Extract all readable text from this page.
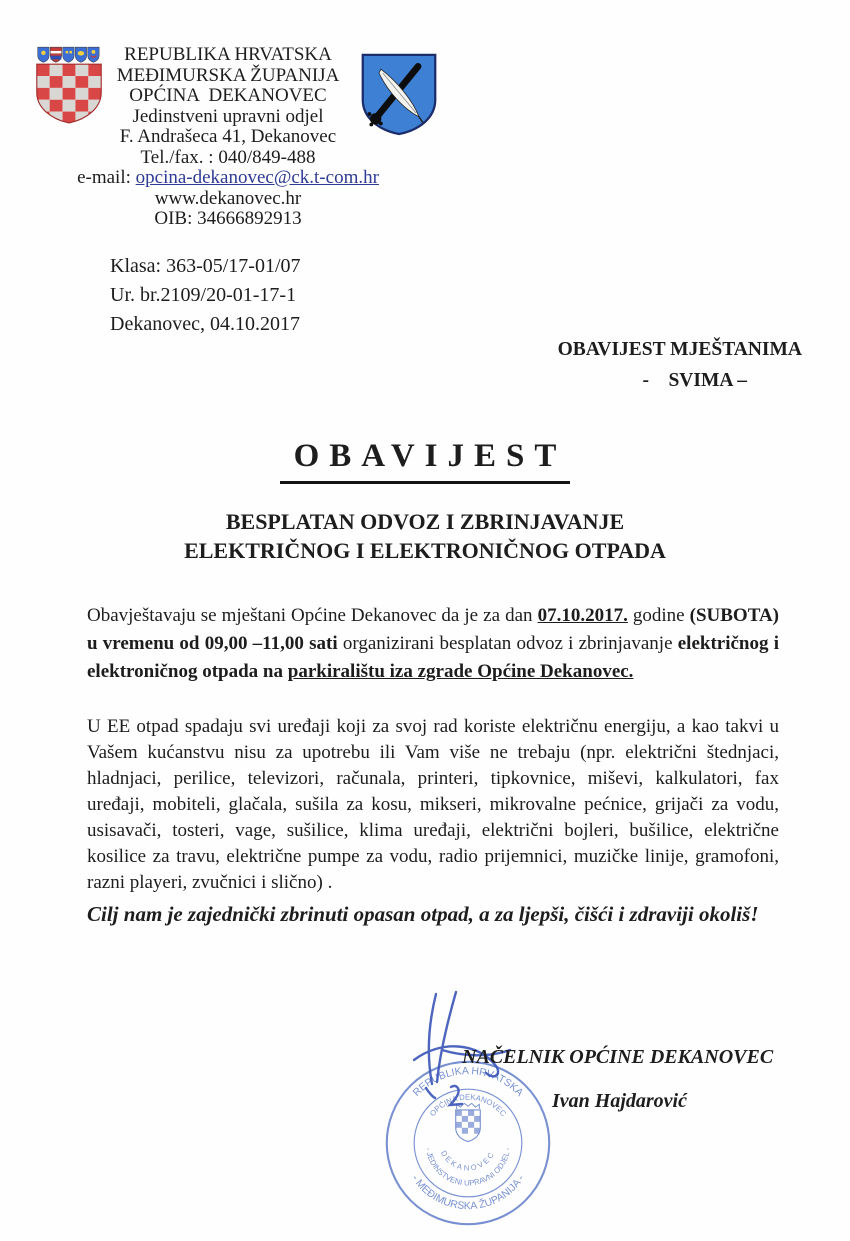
REPUBLIKA HRVATSKA
MEĐIMURSKA ŽUPANIJA
OPĆINA  DEKANOVEC
Jedinstveni upravni odjel
F. Andrašeca 41, Dekanovec
Tel./fax. : 040/849-488
e-mail: opcina-dekanovec@ck.t-com.hr
www.dekanovec.hr
OIB: 34666892913
Klasa: 363-05/17-01/07
Ur. br.2109/20-01-17-1
Dekanovec, 04.10.2017
OBAVIJEST MJEŠTANIMA
-    SVIMA –
OBAVIJEST
BESPLATAN ODVOZ I ZBRINJAVANJE
ELEKTRIČNOG I ELEKTRONIČNOG OTPADA

Obavještavaju se mještani Općine Dekanovec da je za dan 07.10.2017. godine (SUBOTA) u vremenu od 09,00 –11,00 sati organizirani besplatan odvoz i zbrinjavanje električnog i elektroničnog otpada na parkiralištu iza zgrade Općine Dekanovec.

U EE otpad spadaju svi uređaji koji za svoj rad koriste električnu energiju, a kao takvi u Vašem kućanstvu nisu za upotrebu ili Vam više ne trebaju (npr. električni štednjaci, hladnjaci, perilice, televizori, računala, printeri, tipkovnice, miševi, kalkulatori, fax uređaji, mobiteli, glačala, sušila za kosu, mikseri, mikrovalne pećnice, grijači za vodu, usisavači, tosteri, vage, sušilice, klima uređaji, električni bojleri, bušilice, električne kosilice za travu, električne pumpe za vodu, radio prijemnici, muzičke linije, gramofoni, razni playeri, zvučnici i slično) .

Cilj nam je zajednički zbrinuti opasan otpad, a za ljepši, čišći i zdraviji okoliš!

NAČELNIK OPĆINE DEKANOVEC
Ivan Hajdarović
REPUBLIKA HRVATSKA
- MEĐIMURSKA ŽUPANIJA -
OPĆINA DEKANOVEC
- JEDINSTVENI UPRAVNI ODJEL -
DEKANOVEC
